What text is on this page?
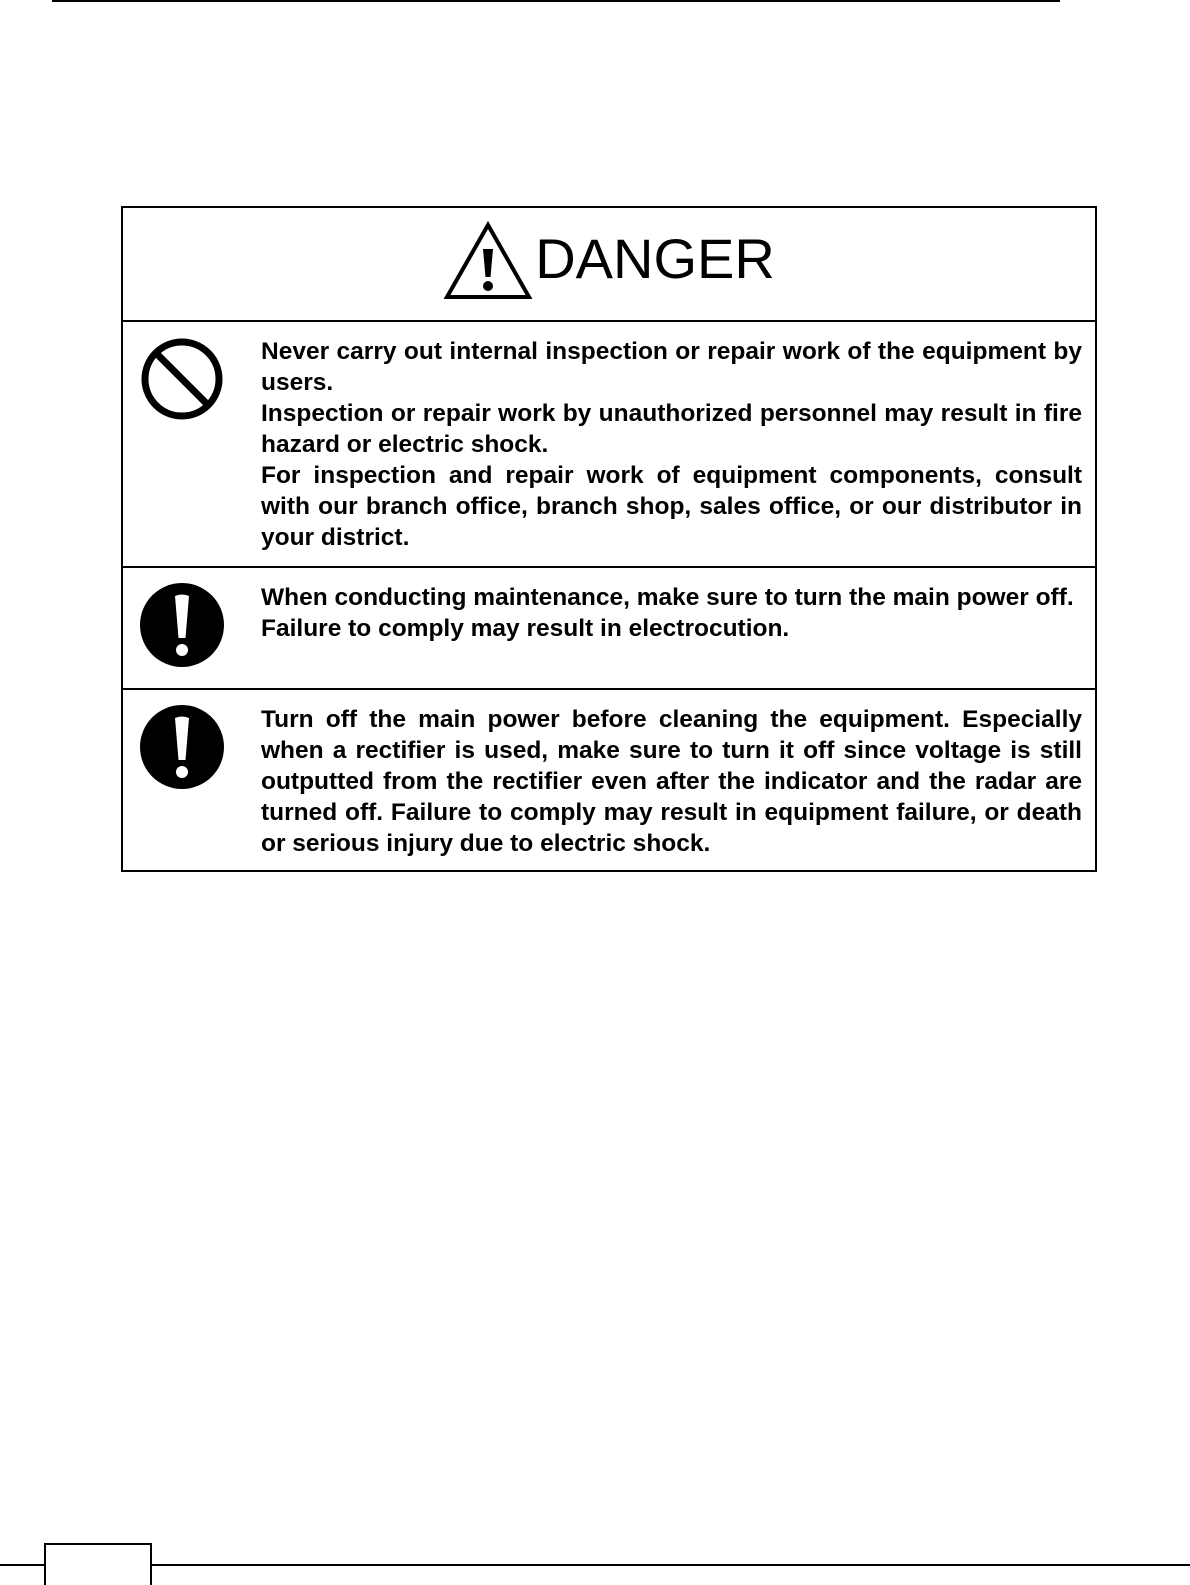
DANGER

Never carry out internal inspection or repair work of the equipment by users.

Inspection or repair work by unauthorized personnel may result in fire hazard or electric shock.

For inspection and repair work of equipment components, consult with our branch office, branch shop, sales office, or our distributor in your district.

When conducting maintenance, make sure to turn the main power off.

Failure to comply may result in electrocution.

Turn off the main power before cleaning the equipment. Especially when a rectifier is used, make sure to turn it off since voltage is still outputted from the rectifier even after the indicator and the radar are turned off. Failure to comply may result in equipment failure, or death or serious injury due to electric shock.
